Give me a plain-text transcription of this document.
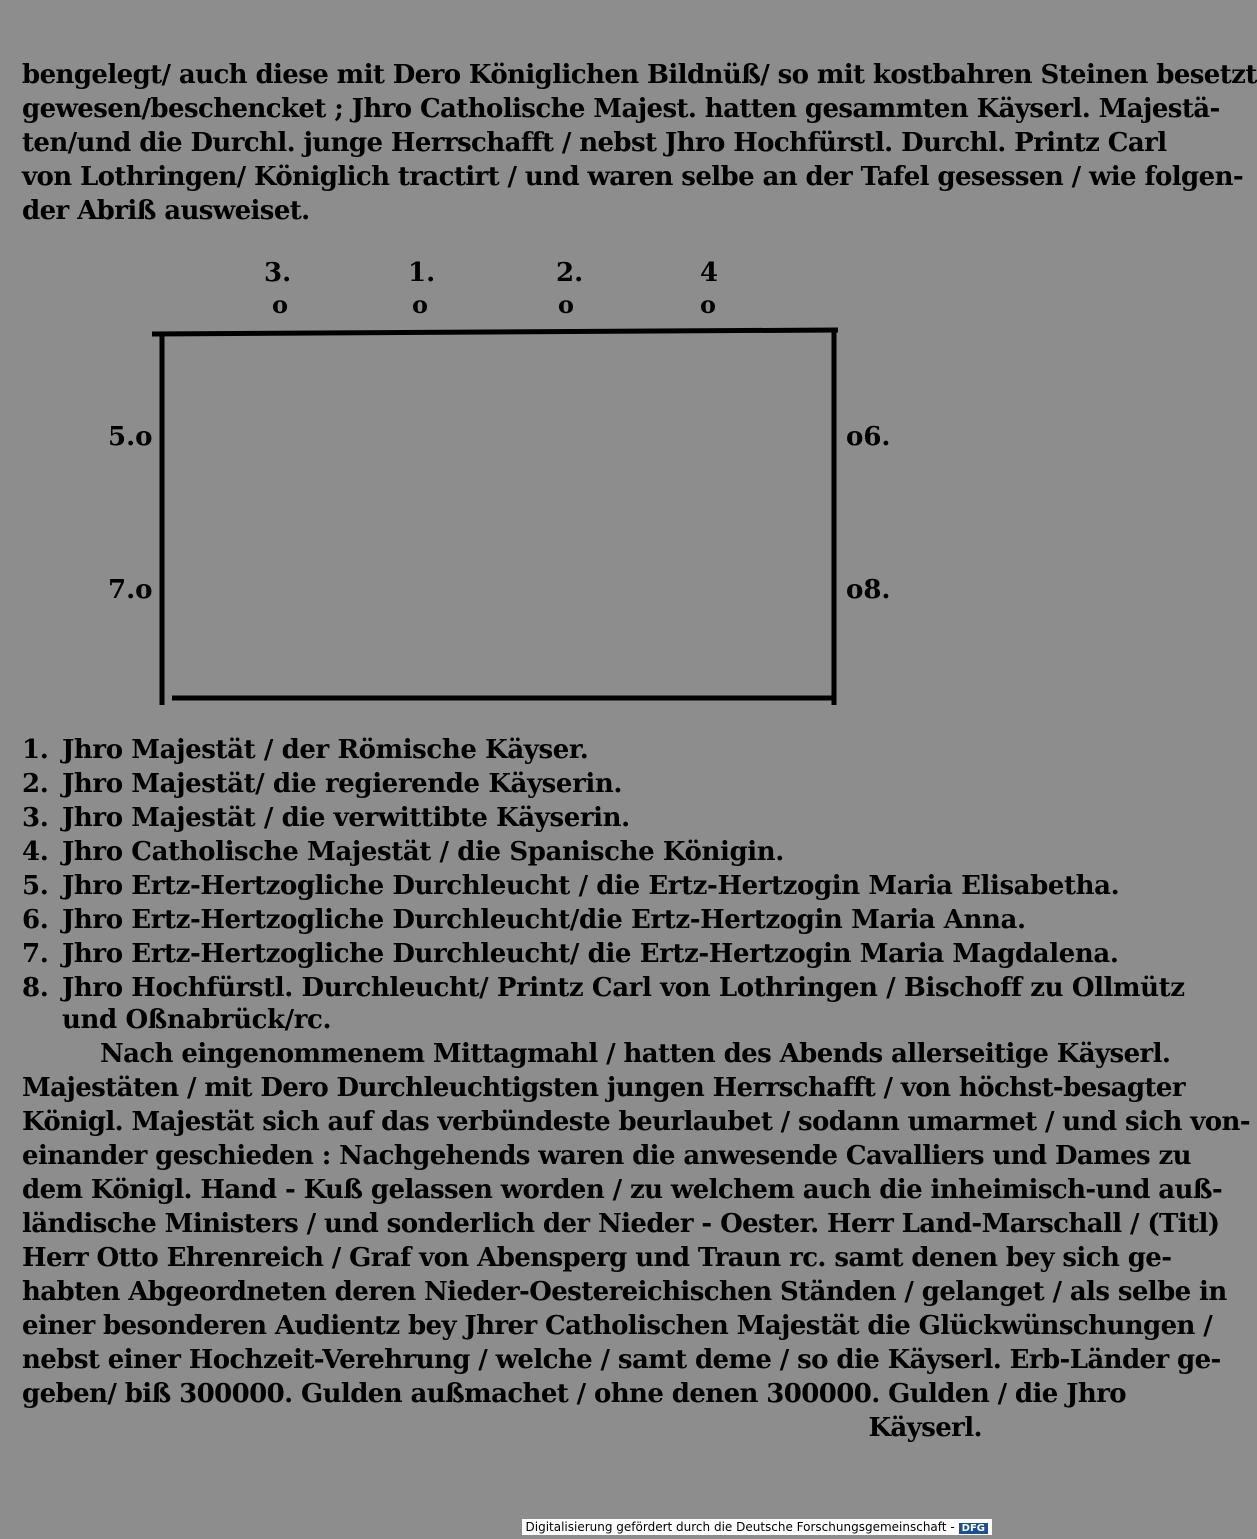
bengelegt/ auch diese mit Dero Königlichen Bildnüß/ so mit kostbahren Steinen besetzt
gewesen/beschencket ; Jhro Catholische Majest. hatten gesammten Käyserl. Majestä-
ten/und die Durchl. junge Herrschafft / nebst Jhro Hochfürstl. Durchl. Printz Carl
von Lothringen/ Königlich tractirt / und waren selbe an der Tafel gesessen / wie folgen-
der Abriß ausweiset.
3.
o
1.
o
2.
o
4
o
5.o
7.o
o6.
o8.
1. Jhro Majestät / der Römische Käyser.
2. Jhro Majestät/ die regierende Käyserin.
3. Jhro Majestät / die verwittibte Käyserin.
4. Jhro Catholische Majestät / die Spanische Königin.
5. Jhro Ertz-Hertzogliche Durchleucht / die Ertz-Hertzogin Maria Elisabetha.
6. Jhro Ertz-Hertzogliche Durchleucht/die Ertz-Hertzogin Maria Anna.
7. Jhro Ertz-Hertzogliche Durchleucht/ die Ertz-Hertzogin Maria Magdalena.
8. Jhro Hochfürstl. Durchleucht/ Printz Carl von Lothringen / Bischoff zu Ollmütz
und Oßnabrück/rc.
Nach eingenommenem Mittagmahl / hatten des Abends allerseitige Käyserl.
Majestäten / mit Dero Durchleuchtigsten jungen Herrschafft / von höchst-besagter
Königl. Majestät sich auf das verbündeste beurlaubet / sodann umarmet / und sich von-
einander geschieden : Nachgehends waren die anwesende Cavalliers und Dames zu
dem Königl. Hand - Kuß gelassen worden / zu welchem auch die inheimisch-und auß-
ländische Ministers / und sonderlich der Nieder - Oester. Herr Land-Marschall / (Titl)
Herr Otto Ehrenreich / Graf von Abensperg und Traun rc. samt denen bey sich ge-
habten Abgeordneten deren Nieder-Oestereichischen Ständen / gelanget / als selbe in
einer besonderen Audientz bey Jhrer Catholischen Majestät die Glückwünschungen /
nebst einer Hochzeit-Verehrung / welche / samt deme / so die Käyserl. Erb-Länder ge-
geben/ biß 300000. Gulden außmachet / ohne denen 300000. Gulden / die Jhro
Käyserl.
Digitalisierung gefördert durch die Deutsche Forschungsgemeinschaft - DFG
